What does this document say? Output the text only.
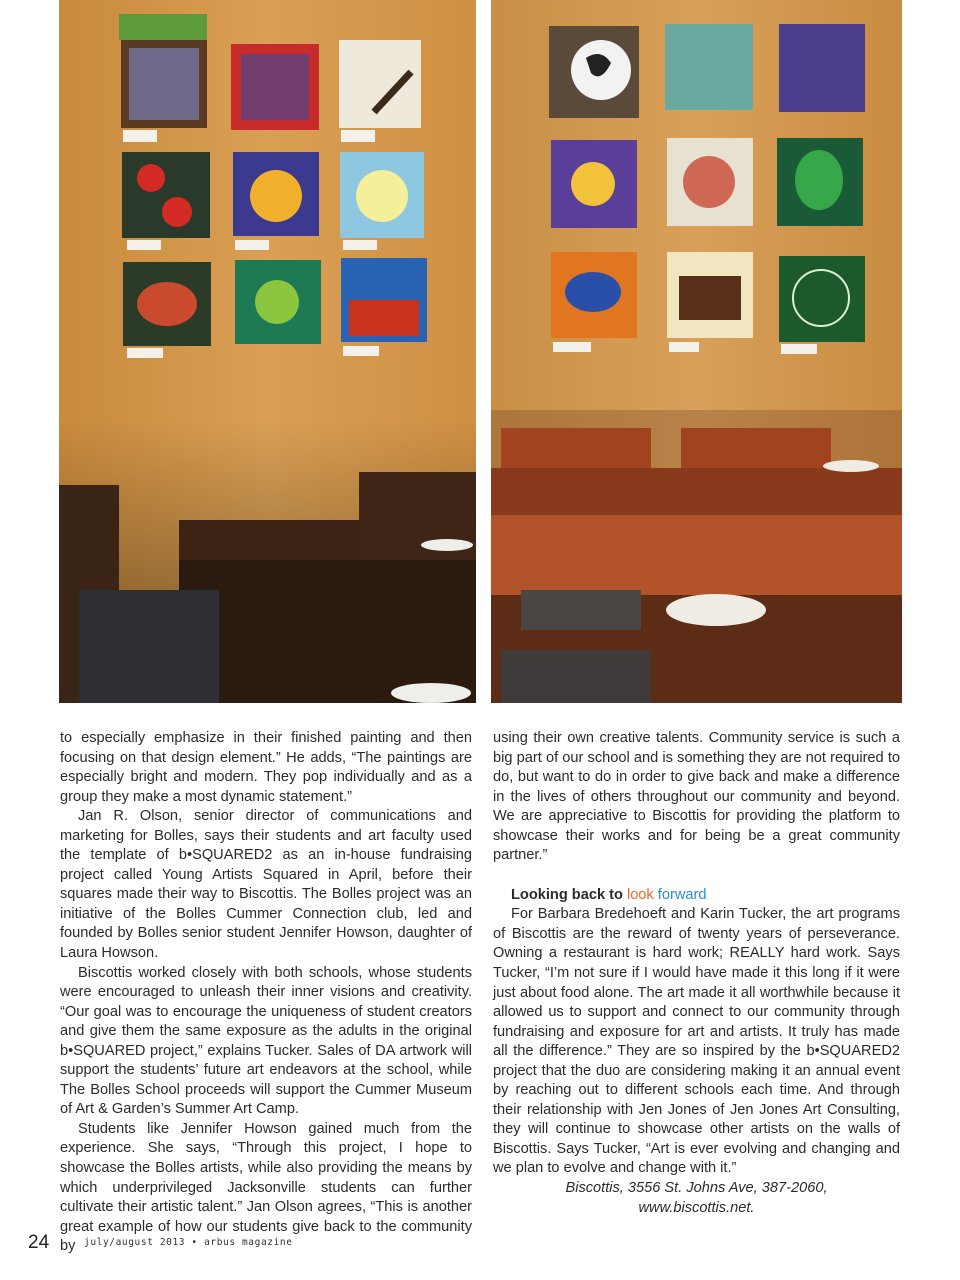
to especially emphasize in their finished painting and then focusing on that design element.” He adds, “The paintings are especially bright and modern. They pop individually and as a group they make a most dynamic statement.”

Jan R. Olson, senior director of communications and marketing for Bolles, says their students and art faculty used the template of b•SQUARED2 as an in-house fundraising project called Young Artists Squared in April, before their squares made their way to Biscottis. The Bolles project was an initiative of the Bolles Cummer Connection club, led and founded by Bolles senior student Jennifer Howson, daughter of Laura Howson.

Biscottis worked closely with both schools, whose students were encouraged to unleash their inner visions and creativity. “Our goal was to encourage the uniqueness of student creators and give them the same exposure as the adults in the original b•SQUARED project,” explains Tucker. Sales of DA artwork will support the students’ future art endeavors at the school, while The Bolles School proceeds will support the Cummer Museum of Art & Garden’s Summer Art Camp.

Students like Jennifer Howson gained much from the experience. She says, “Through this project, I hope to showcase the Bolles artists, while also providing the means by which underprivileged Jacksonville students can further cultivate their artistic talent.” Jan Olson agrees, “This is another great example of how our students give back to the community by

using their own creative talents. Community service is such a big part of our school and is something they are not required to do, but want to do in order to give back and make a difference in the lives of others throughout our community and beyond. We are appreciative to Biscottis for providing the platform to showcase their works and for being be a great community partner.”

Looking back to look forward

For Barbara Bredehoeft and Karin Tucker, the art programs of Biscottis are the reward of twenty years of perseverance. Owning a restaurant is hard work; REALLY hard work. Says Tucker, “I’m not sure if I would have made it this long if it were just about food alone. The art made it all worthwhile because it allowed us to support and connect to our community through fundraising and exposure for art and artists. It truly has made all the difference.” They are so inspired by the b•SQUARED2 project that the duo are considering making it an annual event by reaching out to different schools each time. And through their relationship with Jen Jones of Jen Jones Art Consulting, they will continue to showcase other artists on the walls of Biscottis. Says Tucker, “Art is ever evolving and changing and we plan to evolve and change with it.”

Biscottis, 3556 St. Johns Ave, 387-2060,

www.biscottis.net.

24	july/august 2013 • arbus magazine
